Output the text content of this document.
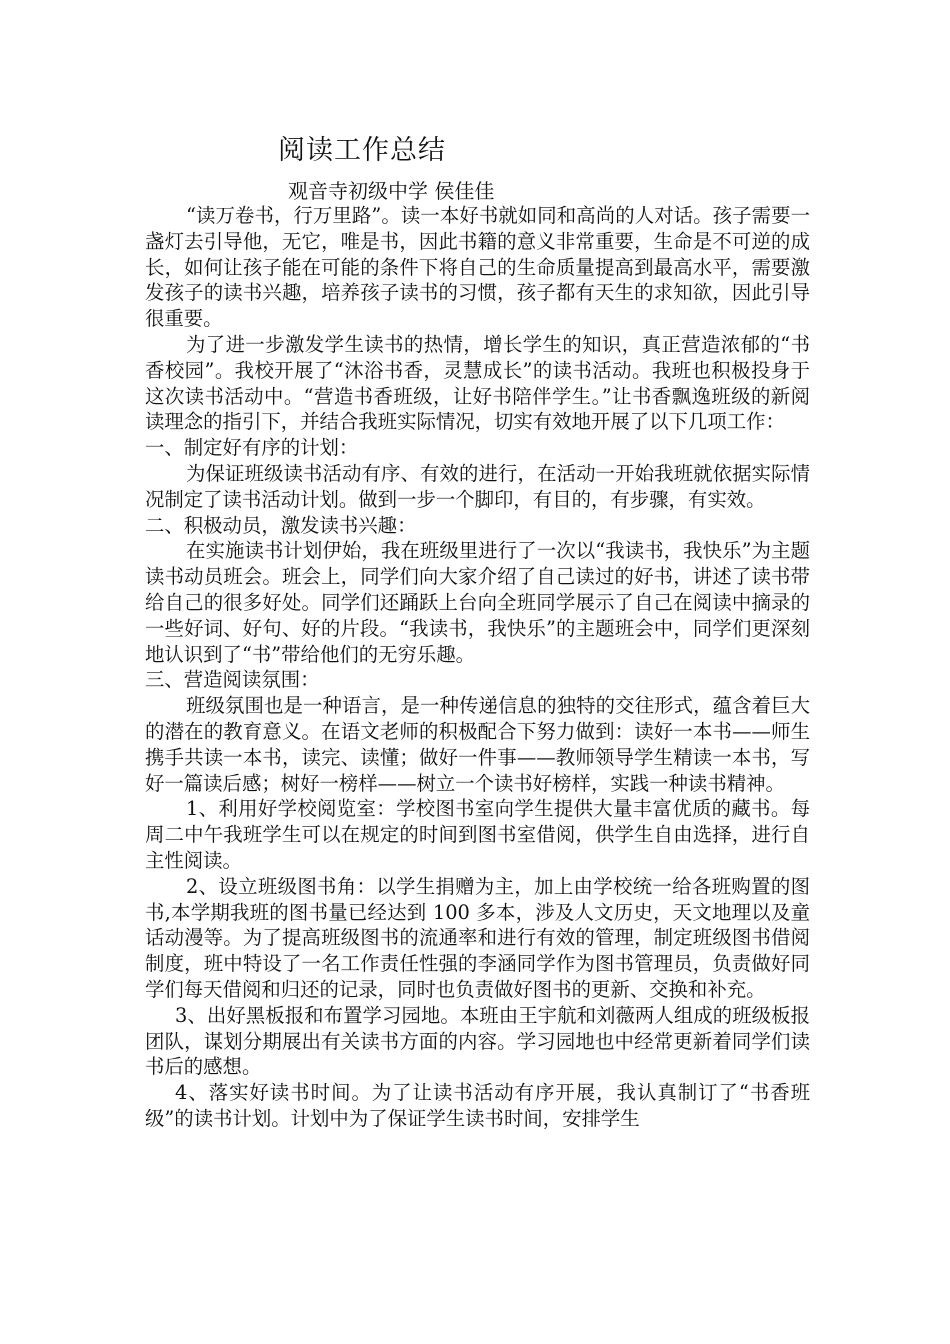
阅读工作总结
观音寺初级中学 侯佳佳

“读万卷书，行万里路”。读一本好书就如同和高尚的人对话。孩子需要一盏灯去引导他，无它，唯是书，因此书籍的意义非常重要，生命是不可逆的成长，如何让孩子能在可能的条件下将自己的生命质量提高到最高水平，需要激发孩子的读书兴趣，培养孩子读书的习惯，孩子都有天生的求知欲，因此引导很重要。

为了进一步激发学生读书的热情，增长学生的知识，真正营造浓郁的“书香校园”。我校开展了“沐浴书香，灵慧成长”的读书活动。我班也积极投身于这次读书活动中。“营造书香班级，让好书陪伴学生。”让书香飘逸班级的新阅读理念的指引下，并结合我班实际情况，切实有效地开展了以下几项工作：

一、制定好有序的计划：

为保证班级读书活动有序、有效的进行，在活动一开始我班就依据实际情况制定了读书活动计划。做到一步一个脚印，有目的，有步骤，有实效。

二、积极动员，激发读书兴趣：

在实施读书计划伊始，我在班级里进行了一次以“我读书，我快乐”为主题读书动员班会。班会上，同学们向大家介绍了自己读过的好书，讲述了读书带给自己的很多好处。同学们还踊跃上台向全班同学展示了自己在阅读中摘录的一些好词、好句、好的片段。“我读书，我快乐”的主题班会中，同学们更深刻地认识到了“书”带给他们的无穷乐趣。

三、营造阅读氛围：

班级氛围也是一种语言，是一种传递信息的独特的交往形式，蕴含着巨大的潜在的教育意义。在语文老师的积极配合下努力做到：读好一本书——师生携手共读一本书，读完、读懂；做好一件事——教师领导学生精读一本书，写好一篇读后感；树好一榜样——树立一个读书好榜样，实践一种读书精神。

1、利用好学校阅览室：学校图书室向学生提供大量丰富优质的藏书。每周二中午我班学生可以在规定的时间到图书室借阅，供学生自由选择，进行自主性阅读。

2、设立班级图书角：以学生捐赠为主，加上由学校统一给各班购置的图书,本学期我班的图书量已经达到 100 多本，涉及人文历史，天文地理以及童话动漫等。为了提高班级图书的流通率和进行有效的管理，制定班级图书借阅制度，班中特设了一名工作责任性强的李涵同学作为图书管理员，负责做好同学们每天借阅和归还的记录，同时也负责做好图书的更新、交换和补充。

3、出好黑板报和布置学习园地。本班由王宇航和刘薇两人组成的班级板报团队，谋划分期展出有关读书方面的内容。学习园地也中经常更新着同学们读书后的感想。

4、落实好读书时间。为了让读书活动有序开展，我认真制订了“书香班级”的读书计划。计划中为了保证学生读书时间，安排学生
